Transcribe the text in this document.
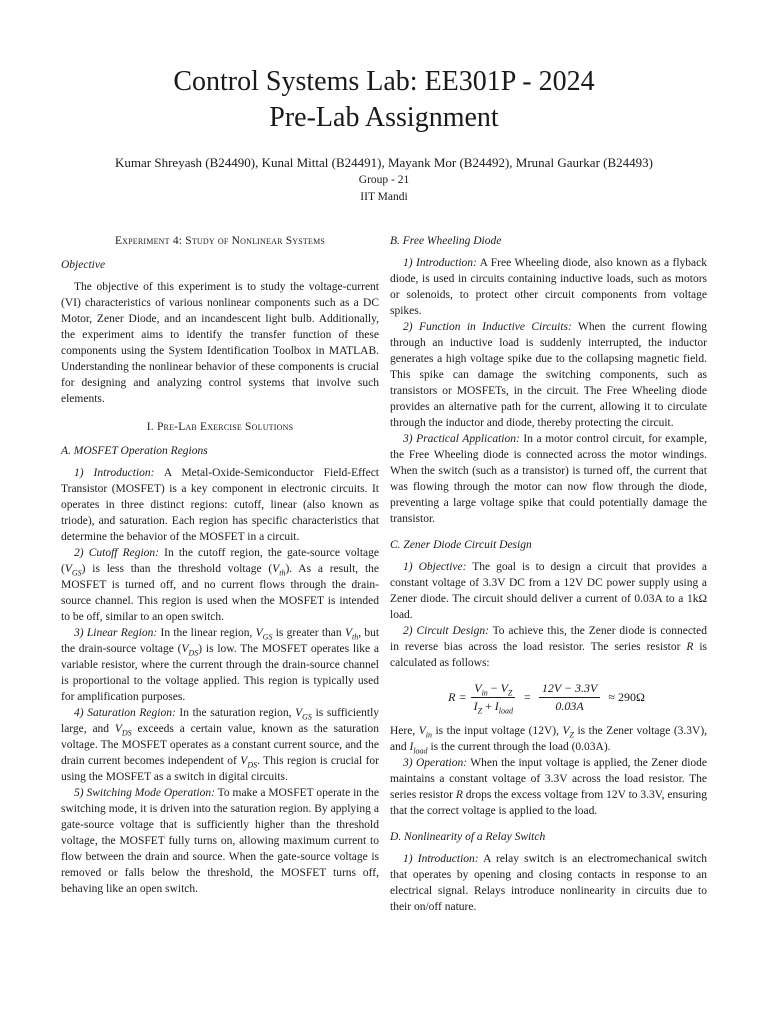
Control Systems Lab: EE301P - 2024
Pre-Lab Assignment
Kumar Shreyash (B24490), Kunal Mittal (B24491), Mayank Mor (B24492), Mrunal Gaurkar (B24493)
Group - 21
IIT Mandi
Experiment 4: Study of Nonlinear Systems
Objective

The objective of this experiment is to study the voltage-current (VI) characteristics of various nonlinear components such as a DC Motor, Zener Diode, and an incandescent light bulb. Additionally, the experiment aims to identify the transfer function of these components using the System Identification Toolbox in MATLAB. Understanding the nonlinear behavior of these components is crucial for designing and analyzing control systems that involve such elements.

I. Pre-Lab Exercise Solutions
A. MOSFET Operation Regions

1) Introduction: A Metal-Oxide-Semiconductor Field-Effect Transistor (MOSFET) is a key component in electronic circuits. It operates in three distinct regions: cutoff, linear (also known as triode), and saturation. Each region has specific characteristics that determine the behavior of the MOSFET in a circuit.

2) Cutoff Region: In the cutoff region, the gate-source voltage $(V_{GS})$ is less than the threshold voltage $(V_{th})$. As a result, the MOSFET is turned off, and no current flows through the drain-source channel. This region is used when the MOSFET is intended to be off, similar to an open switch.

3) Linear Region: In the linear region, $V_{GS}$ is greater than $V_{th}$, but the drain-source voltage $(V_{DS})$ is low. The MOSFET operates like a variable resistor, where the current through the drain-source channel is proportional to the voltage applied. This region is typically used for amplification purposes.

4) Saturation Region: In the saturation region, $V_{GS}$ is sufficiently large, and $V_{DS}$ exceeds a certain value, known as the saturation voltage. The MOSFET operates as a constant current source, and the drain current becomes independent of $V_{DS}$. This region is crucial for using the MOSFET as a switch in digital circuits.

5) Switching Mode Operation: To make a MOSFET operate in the switching mode, it is driven into the saturation region. By applying a gate-source voltage that is sufficiently higher than the threshold voltage, the MOSFET fully turns on, allowing maximum current to flow between the drain and source. When the gate-source voltage is removed or falls below the threshold, the MOSFET turns off, behaving like an open switch.

B. Free Wheeling Diode

1) Introduction: A Free Wheeling diode, also known as a flyback diode, is used in circuits containing inductive loads, such as motors or solenoids, to protect other circuit components from voltage spikes.

2) Function in Inductive Circuits: When the current flowing through an inductive load is suddenly interrupted, the inductor generates a high voltage spike due to the collapsing magnetic field. This spike can damage the switching components, such as transistors or MOSFETs, in the circuit. The Free Wheeling diode provides an alternative path for the current, allowing it to circulate through the inductor and diode, thereby protecting the circuit.

3) Practical Application: In a motor control circuit, for example, the Free Wheeling diode is connected across the motor windings. When the switch (such as a transistor) is turned off, the current that was flowing through the motor can now flow through the diode, preventing a large voltage spike that could potentially damage the transistor.

C. Zener Diode Circuit Design

1) Objective: The goal is to design a circuit that provides a constant voltage of 3.3V DC from a 12V DC power supply using a Zener diode. The circuit should deliver a current of 0.03A to a 1kΩ load.

2) Circuit Design: To achieve this, the Zener diode is connected in reverse bias across the load resistor. The series resistor R is calculated as follows:

$R = \frac{V_{in} - V_Z}{I_Z + I_{load}} = \frac{12V - 3.3V}{0.03A} \approx 290\Omega$

Here, $V_{in}$ is the input voltage (12V), $V_Z$ is the Zener voltage (3.3V), and $I_{load}$ is the current through the load (0.03A).

3) Operation: When the input voltage is applied, the Zener diode maintains a constant voltage of 3.3V across the load resistor. The series resistor R drops the excess voltage from 12V to 3.3V, ensuring that the correct voltage is applied to the load.

D. Nonlinearity of a Relay Switch

1) Introduction: A relay switch is an electromechanical switch that operates by opening and closing contacts in response to an electrical signal. Relays introduce nonlinearity in circuits due to their on/off nature.
